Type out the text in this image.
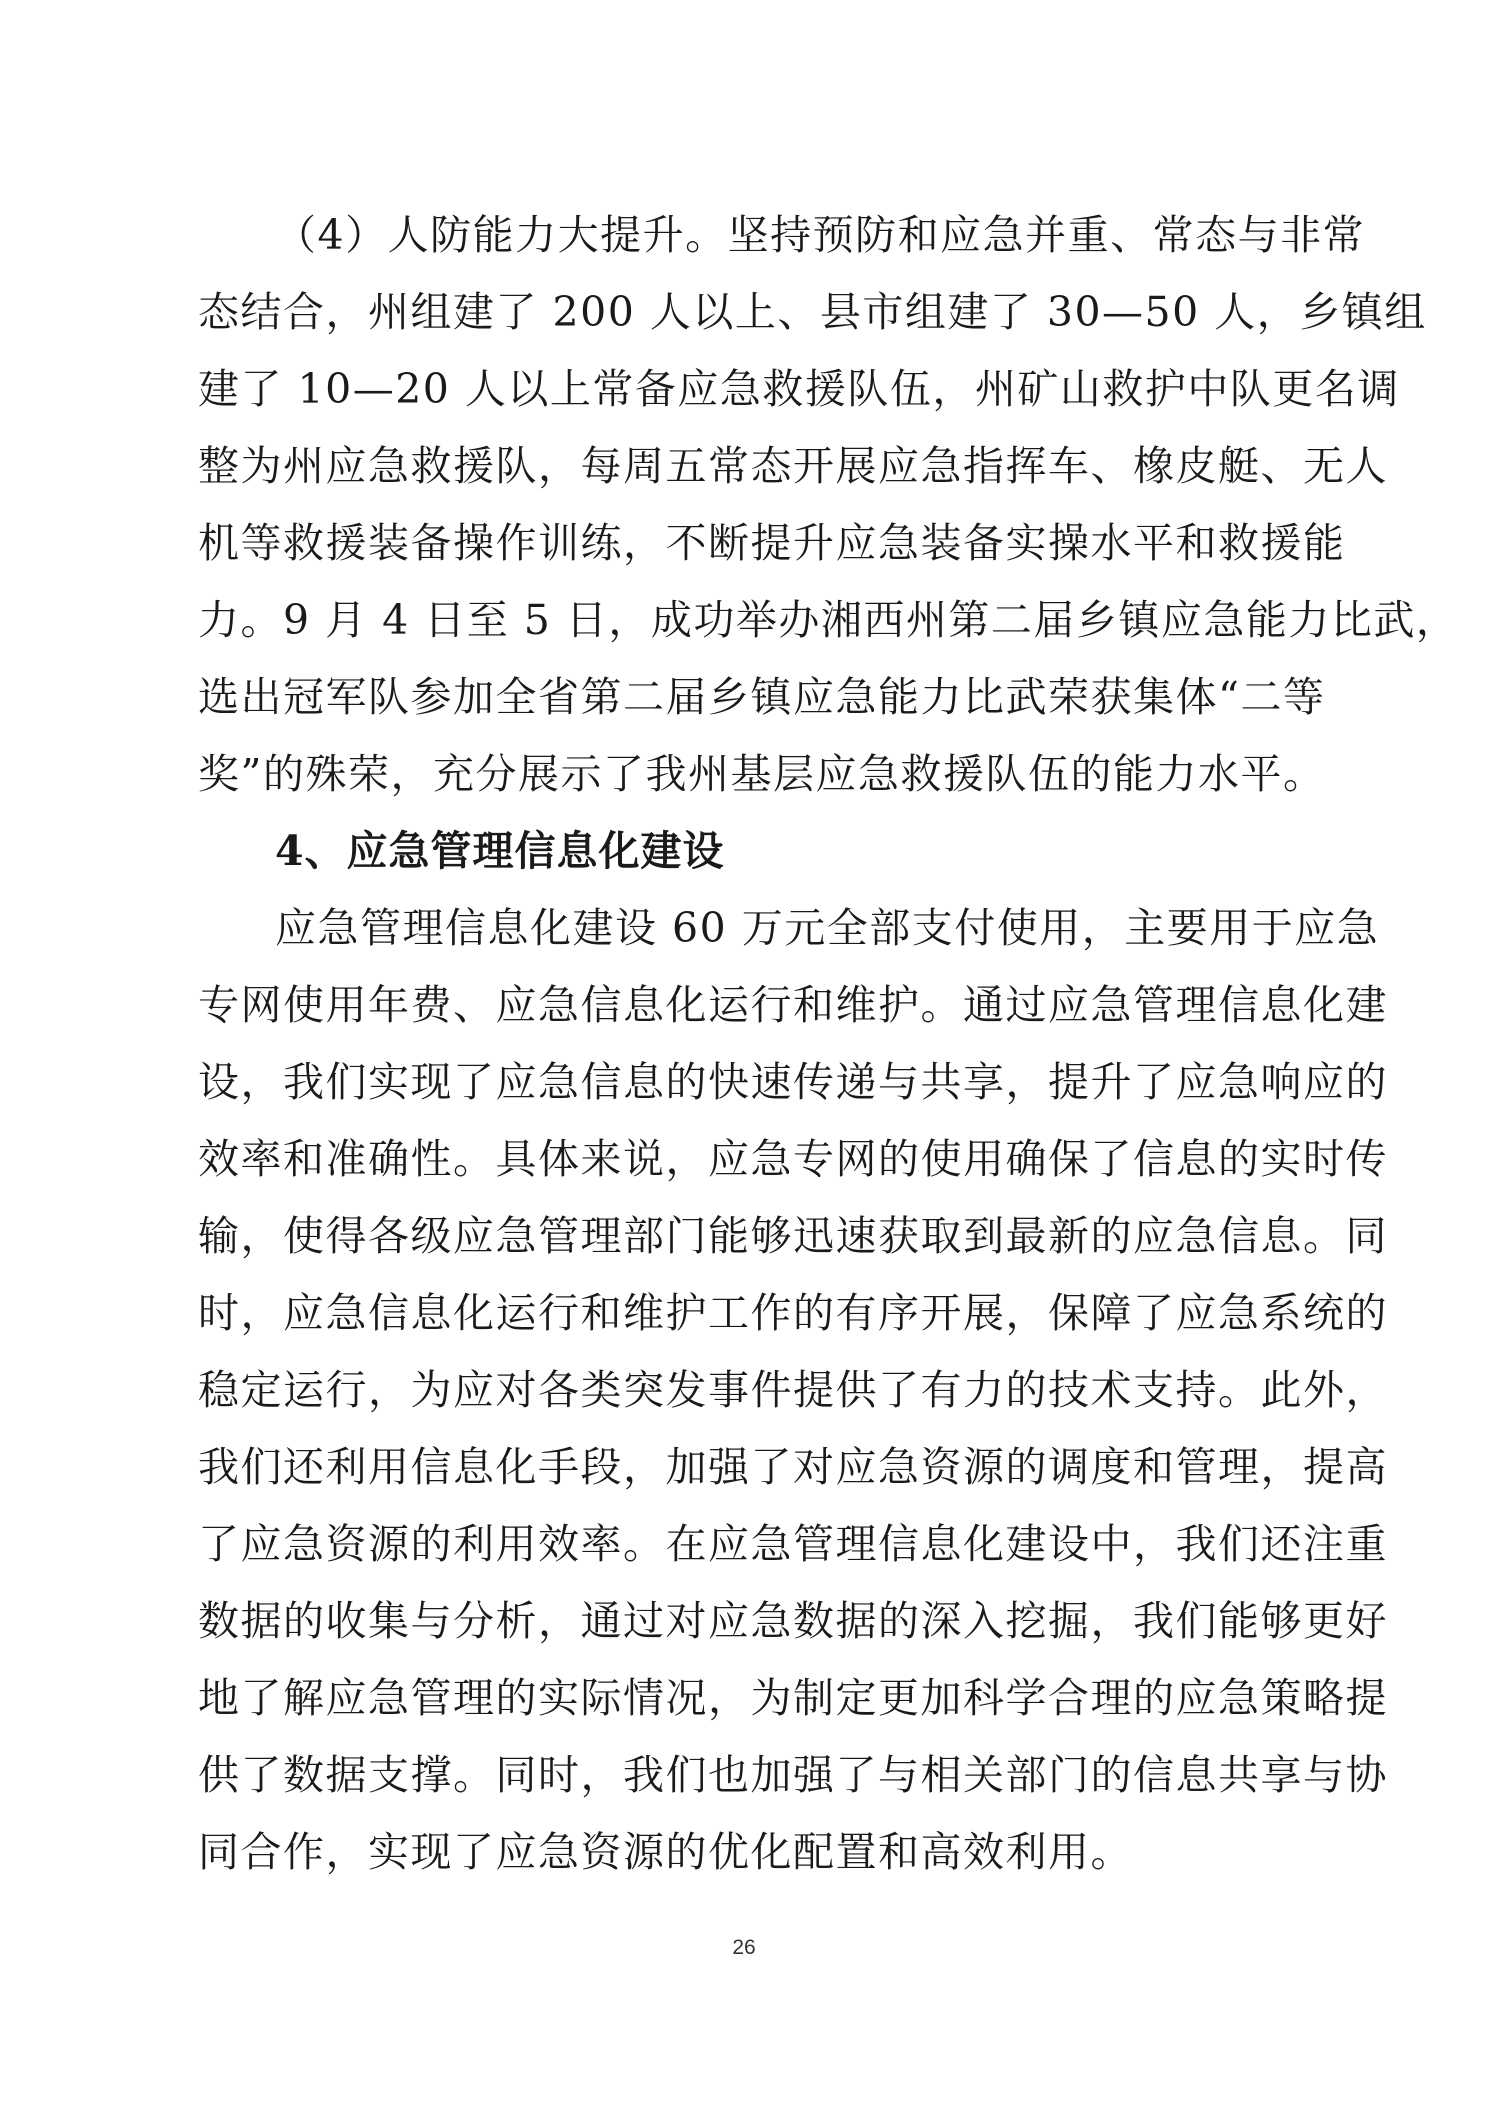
（4）人防能力大提升。坚持预防和应急并重、常态与非常
态结合，州组建了 200 人以上、县市组建了 30—50 人，乡镇组
建了 10—20 人以上常备应急救援队伍，州矿山救护中队更名调
整为州应急救援队，每周五常态开展应急指挥车、橡皮艇、无人
机等救援装备操作训练，不断提升应急装备实操水平和救援能
力。9 月 4 日至 5 日，成功举办湘西州第二届乡镇应急能力比武，
选出冠军队参加全省第二届乡镇应急能力比武荣获集体“二等
奖”的殊荣，充分展示了我州基层应急救援队伍的能力水平。
4、应急管理信息化建设
应急管理信息化建设 60 万元全部支付使用，主要用于应急
专网使用年费、应急信息化运行和维护。通过应急管理信息化建
设，我们实现了应急信息的快速传递与共享，提升了应急响应的
效率和准确性。具体来说，应急专网的使用确保了信息的实时传
输，使得各级应急管理部门能够迅速获取到最新的应急信息。同
时，应急信息化运行和维护工作的有序开展，保障了应急系统的
稳定运行，为应对各类突发事件提供了有力的技术支持。此外，
我们还利用信息化手段，加强了对应急资源的调度和管理，提高
了应急资源的利用效率。在应急管理信息化建设中，我们还注重
数据的收集与分析，通过对应急数据的深入挖掘，我们能够更好
地了解应急管理的实际情况，为制定更加科学合理的应急策略提
供了数据支撑。同时，我们也加强了与相关部门的信息共享与协
同合作，实现了应急资源的优化配置和高效利用。
26
